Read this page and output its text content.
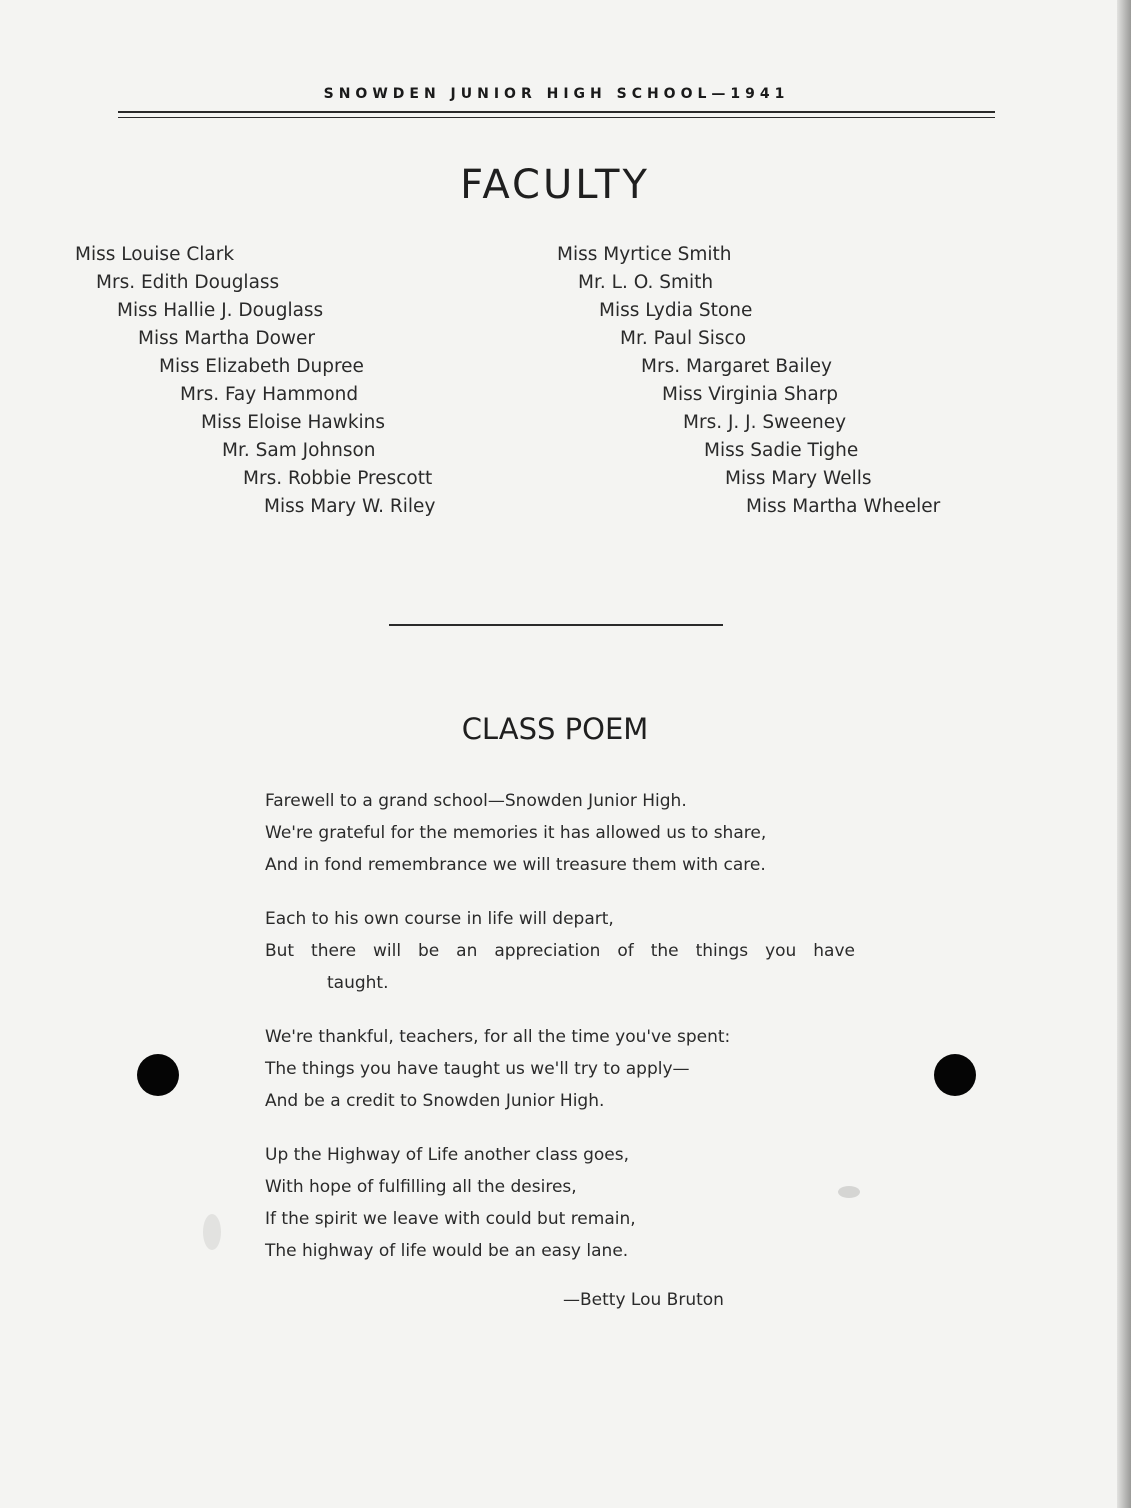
SNOWDEN JUNIOR HIGH SCHOOL—1941
FACULTY
Miss Louise Clark
Mrs. Edith Douglass
Miss Hallie J. Douglass
Miss Martha Dower
Miss Elizabeth Dupree
Mrs. Fay Hammond
Miss Eloise Hawkins
Mr. Sam Johnson
Mrs. Robbie Prescott
Miss Mary W. Riley
Miss Myrtice Smith
Mr. L. O. Smith
Miss Lydia Stone
Mr. Paul Sisco
Mrs. Margaret Bailey
Miss Virginia Sharp
Mrs. J. J. Sweeney
Miss Sadie Tighe
Miss Mary Wells
Miss Martha Wheeler
CLASS POEM
Farewell to a grand school—Snowden Junior High.
We're grateful for the memories it has allowed us to share,
And in fond remembrance we will treasure them with care.
Each to his own course in life will depart,
But there will be an appreciation of the things you have
taught.
We're thankful, teachers, for all the time you've spent:
The things you have taught us we'll try to apply—
And be a credit to Snowden Junior High.
Up the Highway of Life another class goes,
With hope of fulfilling all the desires,
If the spirit we leave with could but remain,
The highway of life would be an easy lane.
—Betty Lou Bruton
